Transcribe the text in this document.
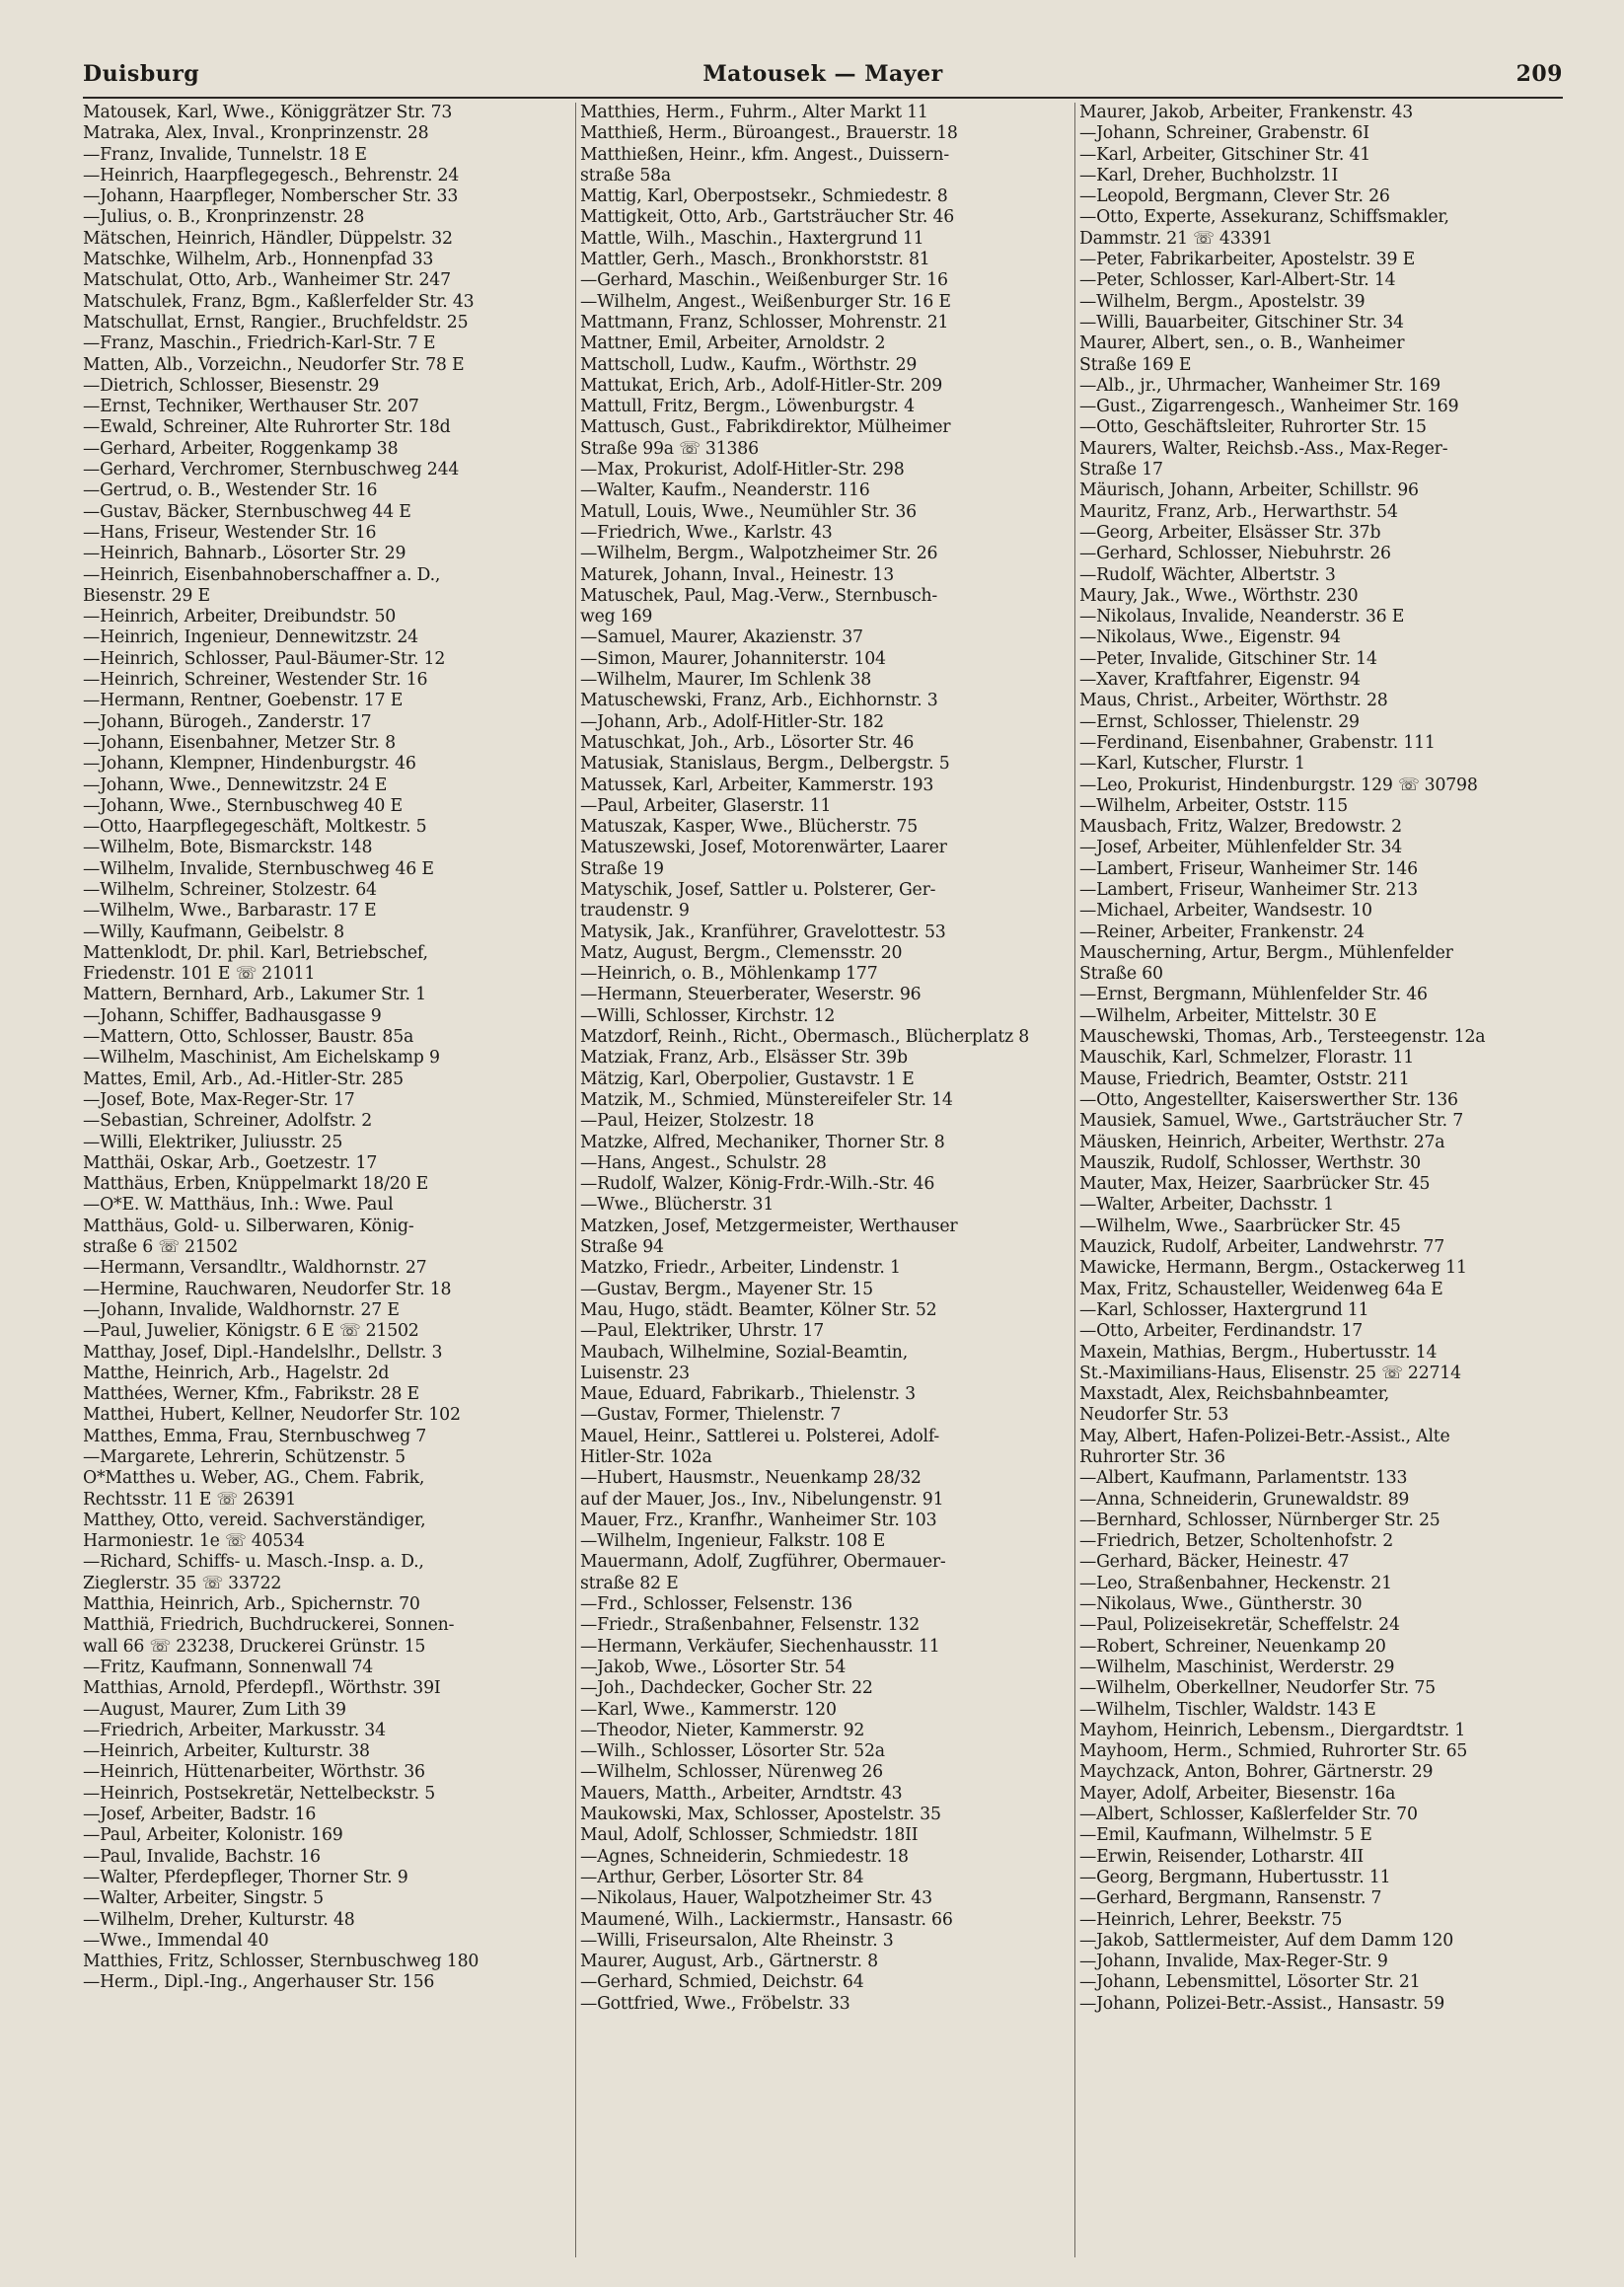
Duisburg	Matousek — Mayer	209
Matousek, Karl, Wwe., Königgrätzer Str. 73
Matraka, Alex, Inval., Kronprinzenstr. 28
—Franz, Invalide, Tunnelstr. 18 E
—Heinrich, Haarpflegegesch., Behrenstr. 24
—Johann, Haarpfleger, Nomberscher Str. 33
—Julius, o. B., Kronprinzenstr. 28
Mätschen, Heinrich, Händler, Düppelstr. 32
Matschke, Wilhelm, Arb., Honnenpfad 33
Matschulat, Otto, Arb., Wanheimer Str. 247
Matschulek, Franz, Bgm., Kaßlerfelder Str. 43
Matschullat, Ernst, Rangier., Bruchfeldstr. 25
—Franz, Maschin., Friedrich-Karl-Str. 7 E
Matten, Alb., Vorzeichn., Neudorfer Str. 78 E
—Dietrich, Schlosser, Biesenstr. 29
—Ernst, Techniker, Werthauser Str. 207
—Ewald, Schreiner, Alte Ruhrorter Str. 18d
—Gerhard, Arbeiter, Roggenkamp 38
—Gerhard, Verchromer, Sternbuschweg 244
—Gertrud, o. B., Westender Str. 16
—Gustav, Bäcker, Sternbuschweg 44 E
—Hans, Friseur, Westender Str. 16
—Heinrich, Bahnarb., Lösorter Str. 29
—Heinrich, Eisenbahnoberschaffner a. D.,
Biesenstr. 29 E
—Heinrich, Arbeiter, Dreibundstr. 50
—Heinrich, Ingenieur, Dennewitzstr. 24
—Heinrich, Schlosser, Paul-Bäumer-Str. 12
—Heinrich, Schreiner, Westender Str. 16
—Hermann, Rentner, Goebenstr. 17 E
—Johann, Bürogeh., Zanderstr. 17
—Johann, Eisenbahner, Metzer Str. 8
—Johann, Klempner, Hindenburgstr. 46
—Johann, Wwe., Dennewitzstr. 24 E
—Johann, Wwe., Sternbuschweg 40 E
—Otto, Haarpflegegeschäft, Moltkestr. 5
—Wilhelm, Bote, Bismarckstr. 148
—Wilhelm, Invalide, Sternbuschweg 46 E
—Wilhelm, Schreiner, Stolzestr. 64
—Wilhelm, Wwe., Barbarastr. 17 E
—Willy, Kaufmann, Geibelstr. 8
Mattenklodt, Dr. phil. Karl, Betriebschef,
Friedenstr. 101 E ☏ 21011
Mattern, Bernhard, Arb., Lakumer Str. 1
—Johann, Schiffer, Badhausgasse 9
—Mattern, Otto, Schlosser, Baustr. 85a
—Wilhelm, Maschinist, Am Eichelskamp 9
Mattes, Emil, Arb., Ad.-Hitler-Str. 285
—Josef, Bote, Max-Reger-Str. 17
—Sebastian, Schreiner, Adolfstr. 2
—Willi, Elektriker, Juliusstr. 25
Matthäi, Oskar, Arb., Goetzestr. 17
Matthäus, Erben, Knüppelmarkt 18/20 E
—O*E. W. Matthäus, Inh.: Wwe. Paul
Matthäus, Gold- u. Silberwaren, König-
straße 6 ☏ 21502
—Hermann, Versandltr., Waldhornstr. 27
—Hermine, Rauchwaren, Neudorfer Str. 18
—Johann, Invalide, Waldhornstr. 27 E
—Paul, Juwelier, Königstr. 6 E ☏ 21502
Matthay, Josef, Dipl.-Handelslhr., Dellstr. 3
Matthe, Heinrich, Arb., Hagelstr. 2d
Matthées, Werner, Kfm., Fabrikstr. 28 E
Matthei, Hubert, Kellner, Neudorfer Str. 102
Matthes, Emma, Frau, Sternbuschweg 7
—Margarete, Lehrerin, Schützenstr. 5
O*Matthes u. Weber, AG., Chem. Fabrik,
Rechtsstr. 11 E ☏ 26391
Matthey, Otto, vereid. Sachverständiger,
Harmoniestr. 1e ☏ 40534
—Richard, Schiffs- u. Masch.-Insp. a. D.,
Zieglerstr. 35 ☏ 33722
Matthia, Heinrich, Arb., Spichernstr. 70
Matthiä, Friedrich, Buchdruckerei, Sonnen-
wall 66 ☏ 23238, Druckerei Grünstr. 15
—Fritz, Kaufmann, Sonnenwall 74
Matthias, Arnold, Pferdepfl., Wörthstr. 39I
—August, Maurer, Zum Lith 39
—Friedrich, Arbeiter, Markusstr. 34
—Heinrich, Arbeiter, Kulturstr. 38
—Heinrich, Hüttenarbeiter, Wörthstr. 36
—Heinrich, Postsekretär, Nettelbeckstr. 5
—Josef, Arbeiter, Badstr. 16
—Paul, Arbeiter, Kolonistr. 169
—Paul, Invalide, Bachstr. 16
—Walter, Pferdepfleger, Thorner Str. 9
—Walter, Arbeiter, Singstr. 5
—Wilhelm, Dreher, Kulturstr. 48
—Wwe., Immendal 40
Matthies, Fritz, Schlosser, Sternbuschweg 180
—Herm., Dipl.-Ing., Angerhauser Str. 156
Matthies, Herm., Fuhrm., Alter Markt 11
Matthieß, Herm., Büroangest., Brauerstr. 18
Matthießen, Heinr., kfm. Angest., Duissern-
straße 58a
Mattig, Karl, Oberpostsekr., Schmiedestr. 8
Mattigkeit, Otto, Arb., Gartsträucher Str. 46
Mattle, Wilh., Maschin., Haxtergrund 11
Mattler, Gerh., Masch., Bronkhorststr. 81
—Gerhard, Maschin., Weißenburger Str. 16
—Wilhelm, Angest., Weißenburger Str. 16 E
Mattmann, Franz, Schlosser, Mohrenstr. 21
Mattner, Emil, Arbeiter, Arnoldstr. 2
Mattscholl, Ludw., Kaufm., Wörthstr. 29
Mattukat, Erich, Arb., Adolf-Hitler-Str. 209
Mattull, Fritz, Bergm., Löwenburgstr. 4
Mattusch, Gust., Fabrikdirektor, Mülheimer
Straße 99a ☏ 31386
—Max, Prokurist, Adolf-Hitler-Str. 298
—Walter, Kaufm., Neanderstr. 116
Matull, Louis, Wwe., Neumühler Str. 36
—Friedrich, Wwe., Karlstr. 43
—Wilhelm, Bergm., Walpotzheimer Str. 26
Maturek, Johann, Inval., Heinestr. 13
Matuschek, Paul, Mag.-Verw., Sternbusch-
weg 169
—Samuel, Maurer, Akazienstr. 37
—Simon, Maurer, Johanniterstr. 104
—Wilhelm, Maurer, Im Schlenk 38
Matuschewski, Franz, Arb., Eichhornstr. 3
—Johann, Arb., Adolf-Hitler-Str. 182
Matuschkat, Joh., Arb., Lösorter Str. 46
Matusiak, Stanislaus, Bergm., Delbergstr. 5
Matussek, Karl, Arbeiter, Kammerstr. 193
—Paul, Arbeiter, Glaserstr. 11
Matuszak, Kasper, Wwe., Blücherstr. 75
Matuszewski, Josef, Motorenwärter, Laarer
Straße 19
Matyschik, Josef, Sattler u. Polsterer, Ger-
traudenstr. 9
Matysik, Jak., Kranführer, Gravelottestr. 53
Matz, August, Bergm., Clemensstr. 20
—Heinrich, o. B., Möhlenkamp 177
—Hermann, Steuerberater, Weserstr. 96
—Willi, Schlosser, Kirchstr. 12
Matzdorf, Reinh., Richt., Obermasch., Blücherplatz 8
Matziak, Franz, Arb., Elsässer Str. 39b
Mätzig, Karl, Oberpolier, Gustavstr. 1 E
Matzik, M., Schmied, Münstereifeler Str. 14
—Paul, Heizer, Stolzestr. 18
Matzke, Alfred, Mechaniker, Thorner Str. 8
—Hans, Angest., Schulstr. 28
—Rudolf, Walzer, König-Frdr.-Wilh.-Str. 46
—Wwe., Blücherstr. 31
Matzken, Josef, Metzgermeister, Werthauser
Straße 94
Matzko, Friedr., Arbeiter, Lindenstr. 1
—Gustav, Bergm., Mayener Str. 15
Mau, Hugo, städt. Beamter, Kölner Str. 52
—Paul, Elektriker, Uhrstr. 17
Maubach, Wilhelmine, Sozial-Beamtin,
Luisenstr. 23
Maue, Eduard, Fabrikarb., Thielenstr. 3
—Gustav, Former, Thielenstr. 7
Mauel, Heinr., Sattlerei u. Polsterei, Adolf-
Hitler-Str. 102a
—Hubert, Hausmstr., Neuenkamp 28/32
auf der Mauer, Jos., Inv., Nibelungenstr. 91
Mauer, Frz., Kranfhr., Wanheimer Str. 103
—Wilhelm, Ingenieur, Falkstr. 108 E
Mauermann, Adolf, Zugführer, Obermauer-
straße 82 E
—Frd., Schlosser, Felsenstr. 136
—Friedr., Straßenbahner, Felsenstr. 132
—Hermann, Verkäufer, Siechenhausstr. 11
—Jakob, Wwe., Lösorter Str. 54
—Joh., Dachdecker, Gocher Str. 22
—Karl, Wwe., Kammerstr. 120
—Theodor, Nieter, Kammerstr. 92
—Wilh., Schlosser, Lösorter Str. 52a
—Wilhelm, Schlosser, Nürenweg 26
Mauers, Matth., Arbeiter, Arndtstr. 43
Maukowski, Max, Schlosser, Apostelstr. 35
Maul, Adolf, Schlosser, Schmiedstr. 18II
—Agnes, Schneiderin, Schmiedestr. 18
—Arthur, Gerber, Lösorter Str. 84
—Nikolaus, Hauer, Walpotzheimer Str. 43
Maumené, Wilh., Lackiermstr., Hansastr. 66
—Willi, Friseursalon, Alte Rheinstr. 3
Maurer, August, Arb., Gärtnerstr. 8
—Gerhard, Schmied, Deichstr. 64
—Gottfried, Wwe., Fröbelstr. 33
Maurer, Jakob, Arbeiter, Frankenstr. 43
—Johann, Schreiner, Grabenstr. 6I
—Karl, Arbeiter, Gitschiner Str. 41
—Karl, Dreher, Buchholzstr. 1I
—Leopold, Bergmann, Clever Str. 26
—Otto, Experte, Assekuranz, Schiffsmakler,
Dammstr. 21 ☏ 43391
—Peter, Fabrikarbeiter, Apostelstr. 39 E
—Peter, Schlosser, Karl-Albert-Str. 14
—Wilhelm, Bergm., Apostelstr. 39
—Willi, Bauarbeiter, Gitschiner Str. 34
Maurer, Albert, sen., o. B., Wanheimer
Straße 169 E
—Alb., jr., Uhrmacher, Wanheimer Str. 169
—Gust., Zigarrengesch., Wanheimer Str. 169
—Otto, Geschäftsleiter, Ruhrorter Str. 15
Maurers, Walter, Reichsb.-Ass., Max-Reger-
Straße 17
Mäurisch, Johann, Arbeiter, Schillstr. 96
Mauritz, Franz, Arb., Herwarthstr. 54
—Georg, Arbeiter, Elsässer Str. 37b
—Gerhard, Schlosser, Niebuhrstr. 26
—Rudolf, Wächter, Albertstr. 3
Maury, Jak., Wwe., Wörthstr. 230
—Nikolaus, Invalide, Neanderstr. 36 E
—Nikolaus, Wwe., Eigenstr. 94
—Peter, Invalide, Gitschiner Str. 14
—Xaver, Kraftfahrer, Eigenstr. 94
Maus, Christ., Arbeiter, Wörthstr. 28
—Ernst, Schlosser, Thielenstr. 29
—Ferdinand, Eisenbahner, Grabenstr. 111
—Karl, Kutscher, Flurstr. 1
—Leo, Prokurist, Hindenburgstr. 129 ☏ 30798
—Wilhelm, Arbeiter, Oststr. 115
Mausbach, Fritz, Walzer, Bredowstr. 2
—Josef, Arbeiter, Mühlenfelder Str. 34
—Lambert, Friseur, Wanheimer Str. 146
—Lambert, Friseur, Wanheimer Str. 213
—Michael, Arbeiter, Wandsestr. 10
—Reiner, Arbeiter, Frankenstr. 24
Mauscherning, Artur, Bergm., Mühlenfelder
Straße 60
—Ernst, Bergmann, Mühlenfelder Str. 46
—Wilhelm, Arbeiter, Mittelstr. 30 E
Mauschewski, Thomas, Arb., Tersteegenstr. 12a
Mauschik, Karl, Schmelzer, Florastr. 11
Mause, Friedrich, Beamter, Oststr. 211
—Otto, Angestellter, Kaiserswerther Str. 136
Mausiek, Samuel, Wwe., Gartsträucher Str. 7
Mäusken, Heinrich, Arbeiter, Werthstr. 27a
Mauszik, Rudolf, Schlosser, Werthstr. 30
Mauter, Max, Heizer, Saarbrücker Str. 45
—Walter, Arbeiter, Dachsstr. 1
—Wilhelm, Wwe., Saarbrücker Str. 45
Mauzick, Rudolf, Arbeiter, Landwehrstr. 77
Mawicke, Hermann, Bergm., Ostackerweg 11
Max, Fritz, Schausteller, Weidenweg 64a E
—Karl, Schlosser, Haxtergrund 11
—Otto, Arbeiter, Ferdinandstr. 17
Maxein, Mathias, Bergm., Hubertusstr. 14
St.-Maximilians-Haus, Elisenstr. 25 ☏ 22714
Maxstadt, Alex, Reichsbahnbeamter,
Neudorfer Str. 53
May, Albert, Hafen-Polizei-Betr.-Assist., Alte
Ruhrorter Str. 36
—Albert, Kaufmann, Parlamentstr. 133
—Anna, Schneiderin, Grunewaldstr. 89
—Bernhard, Schlosser, Nürnberger Str. 25
—Friedrich, Betzer, Scholtenhofstr. 2
—Gerhard, Bäcker, Heinestr. 47
—Leo, Straßenbahner, Heckenstr. 21
—Nikolaus, Wwe., Güntherstr. 30
—Paul, Polizeisekretär, Scheffelstr. 24
—Robert, Schreiner, Neuenkamp 20
—Wilhelm, Maschinist, Werderstr. 29
—Wilhelm, Oberkellner, Neudorfer Str. 75
—Wilhelm, Tischler, Waldstr. 143 E
Mayhom, Heinrich, Lebensm., Diergardtstr. 1
Mayhoom, Herm., Schmied, Ruhrorter Str. 65
Maychzack, Anton, Bohrer, Gärtnerstr. 29
Mayer, Adolf, Arbeiter, Biesenstr. 16a
—Albert, Schlosser, Kaßlerfelder Str. 70
—Emil, Kaufmann, Wilhelmstr. 5 E
—Erwin, Reisender, Lotharstr. 4II
—Georg, Bergmann, Hubertusstr. 11
—Gerhard, Bergmann, Ransenstr. 7
—Heinrich, Lehrer, Beekstr. 75
—Jakob, Sattlermeister, Auf dem Damm 120
—Johann, Invalide, Max-Reger-Str. 9
—Johann, Lebensmittel, Lösorter Str. 21
—Johann, Polizei-Betr.-Assist., Hansastr. 59
